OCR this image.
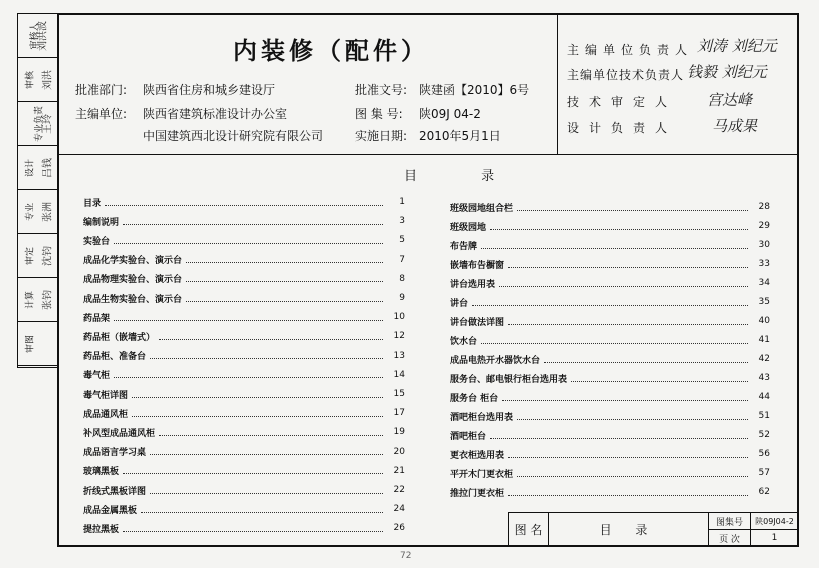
审核人
刘洪波
审核 刘洪
专业负责
王玲
设计 吕钱
专业 张洲
审定 沈钧
计算 张钧
审图
内装修（配件）
批准部门: 陕西省住房和城乡建设厅
主编单位: 陕西省建筑标准设计办公室
中国建筑西北设计研究院有限公司
批准文号: 陕建函【2010】6号
图 集 号: 陕09J 04-2
实施日期: 2010年5月1日
主编单位负责人 刘涛 刘纪元
主编单位技术负责人 钱毅 刘纪元
技术审定人 宫达峰
设计负责人 马成果
目 录
目录	1
编制说明	3
实验台	5
成品化学实验台、演示台	7
成品物理实验台、演示台	8
成品生物实验台、演示台	9
药品架	10
药品柜（嵌墙式）	12
药品柜、准备台	13
毒气柜	14
毒气柜详图	15
成品通风柜	17
补风型成品通风柜	19
成品语言学习桌	20
玻璃黑板	21
折线式黑板详图	22
成品金属黑板	24
提拉黑板	26
班级园地组合栏	28
班级园地	29
布告牌	30
嵌墙布告橱窗	33
讲台选用表	34
讲台	35
讲台做法详图	40
饮水台	41
成品电热开水器饮水台	42
服务台、邮电银行柜台选用表	43
服务台 柜台	44
酒吧柜台选用表	51
酒吧柜台	52
更衣柜选用表	56
平开木门更衣柜	57
推拉门更衣柜	62
图 名	目 录
图集号	陕09J04-2
页 次	1
72
